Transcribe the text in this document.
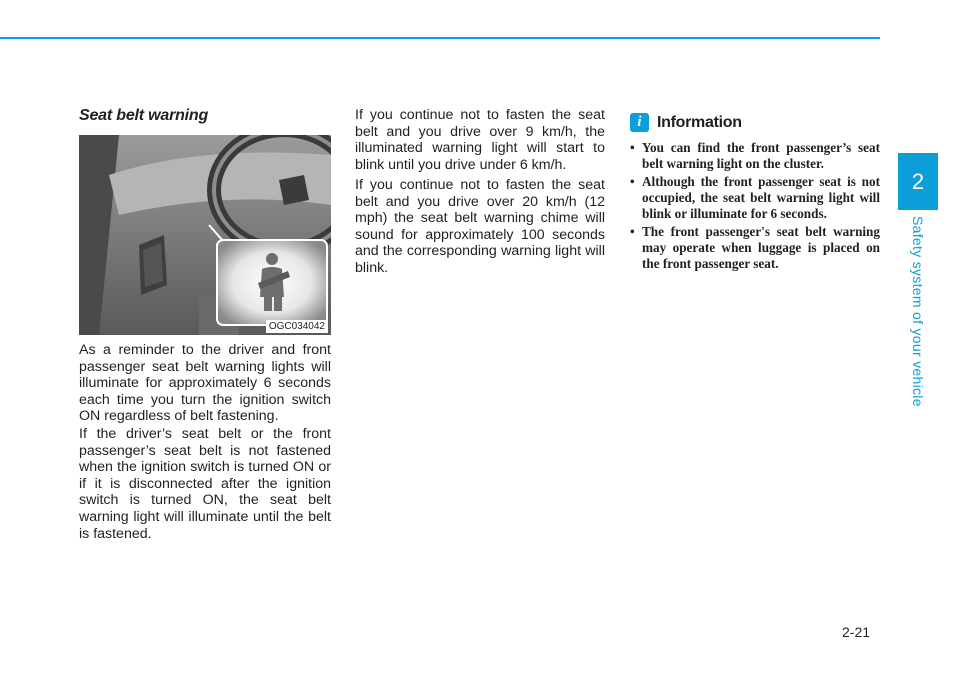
2
Safety system of your vehicle
Seat belt warning
OGC034042

As a reminder to the driver and front passenger seat belt warning lights will illuminate for approximately 6 seconds each time you turn the ignition switch ON regardless of belt fastening.

If the driver’s seat belt or the front passenger’s seat belt is not fastened when the ignition switch is turned ON or if it is disconnected after the ignition switch is turned ON, the seat belt warning light will illuminate until the belt is fastened.

If you continue not to fasten the seat belt and you drive over 9 km/h, the illuminated warning light will start to blink until you drive under 6 km/h.

If you continue not to fasten the seat belt and you drive over 20 km/h (12 mph) the seat belt warning chime will sound for approximately 100 seconds and the corresponding warning light will blink.

i Information
• You can find the front passenger’s seat belt warning light on the cluster.
• Although the front passenger seat is not occupied, the seat belt warning light will blink or illuminate for 6 seconds.
• The front passenger's seat belt warning may operate when luggage is placed on the front passenger seat.
2-21
